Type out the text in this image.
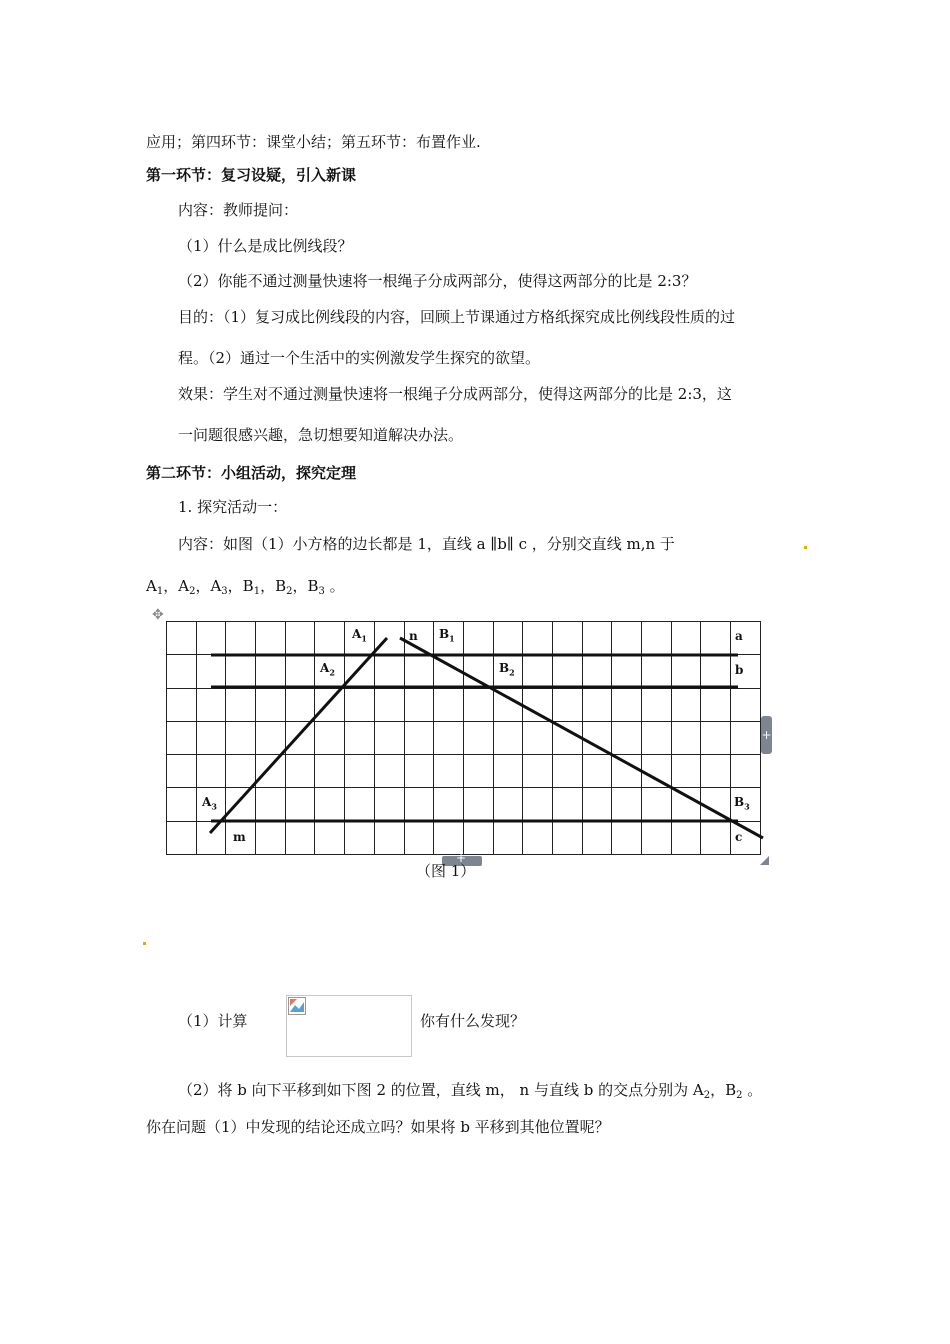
应用；第四环节：课堂小结；第五环节：布置作业.
第一环节：复习设疑，引入新课
内容：教师提问：
（1）什么是成比例线段？
（2）你能不通过测量快速将一根绳子分成两部分，使得这两部分的比是 2:3？
目的：（1）复习成比例线段的内容，回顾上节课通过方格纸探究成比例线段性质的过
程。（2）通过一个生活中的实例激发学生探究的欲望。
效果：学生对不通过测量快速将一根绳子分成两部分，使得这两部分的比是 2:3，这
一问题很感兴趣，急切想要知道解决办法。
第二环节：小组活动，探究定理
1. 探究活动一：
内容：如图（1）小方格的边长都是 1，直线 a ∥b∥ c ，分别交直线 m,n 于
$A_1$，$A_2$，$A_3$，$B_1$，$B_2$，$B_3$ 。
✥

$A_1$	n $B_1$	a
$A_2$	$B_2$	b
$A_3$	$B_3$
m	c
+
+
（图 1）
（1）计算	你有什么发现？
（2）将 b 向下平移到如下图 2 的位置，直线 m， n 与直线 b 的交点分别为 $A_2$，$B_2$ 。
你在问题（1）中发现的结论还成立吗？如果将 b 平移到其他位置呢？
